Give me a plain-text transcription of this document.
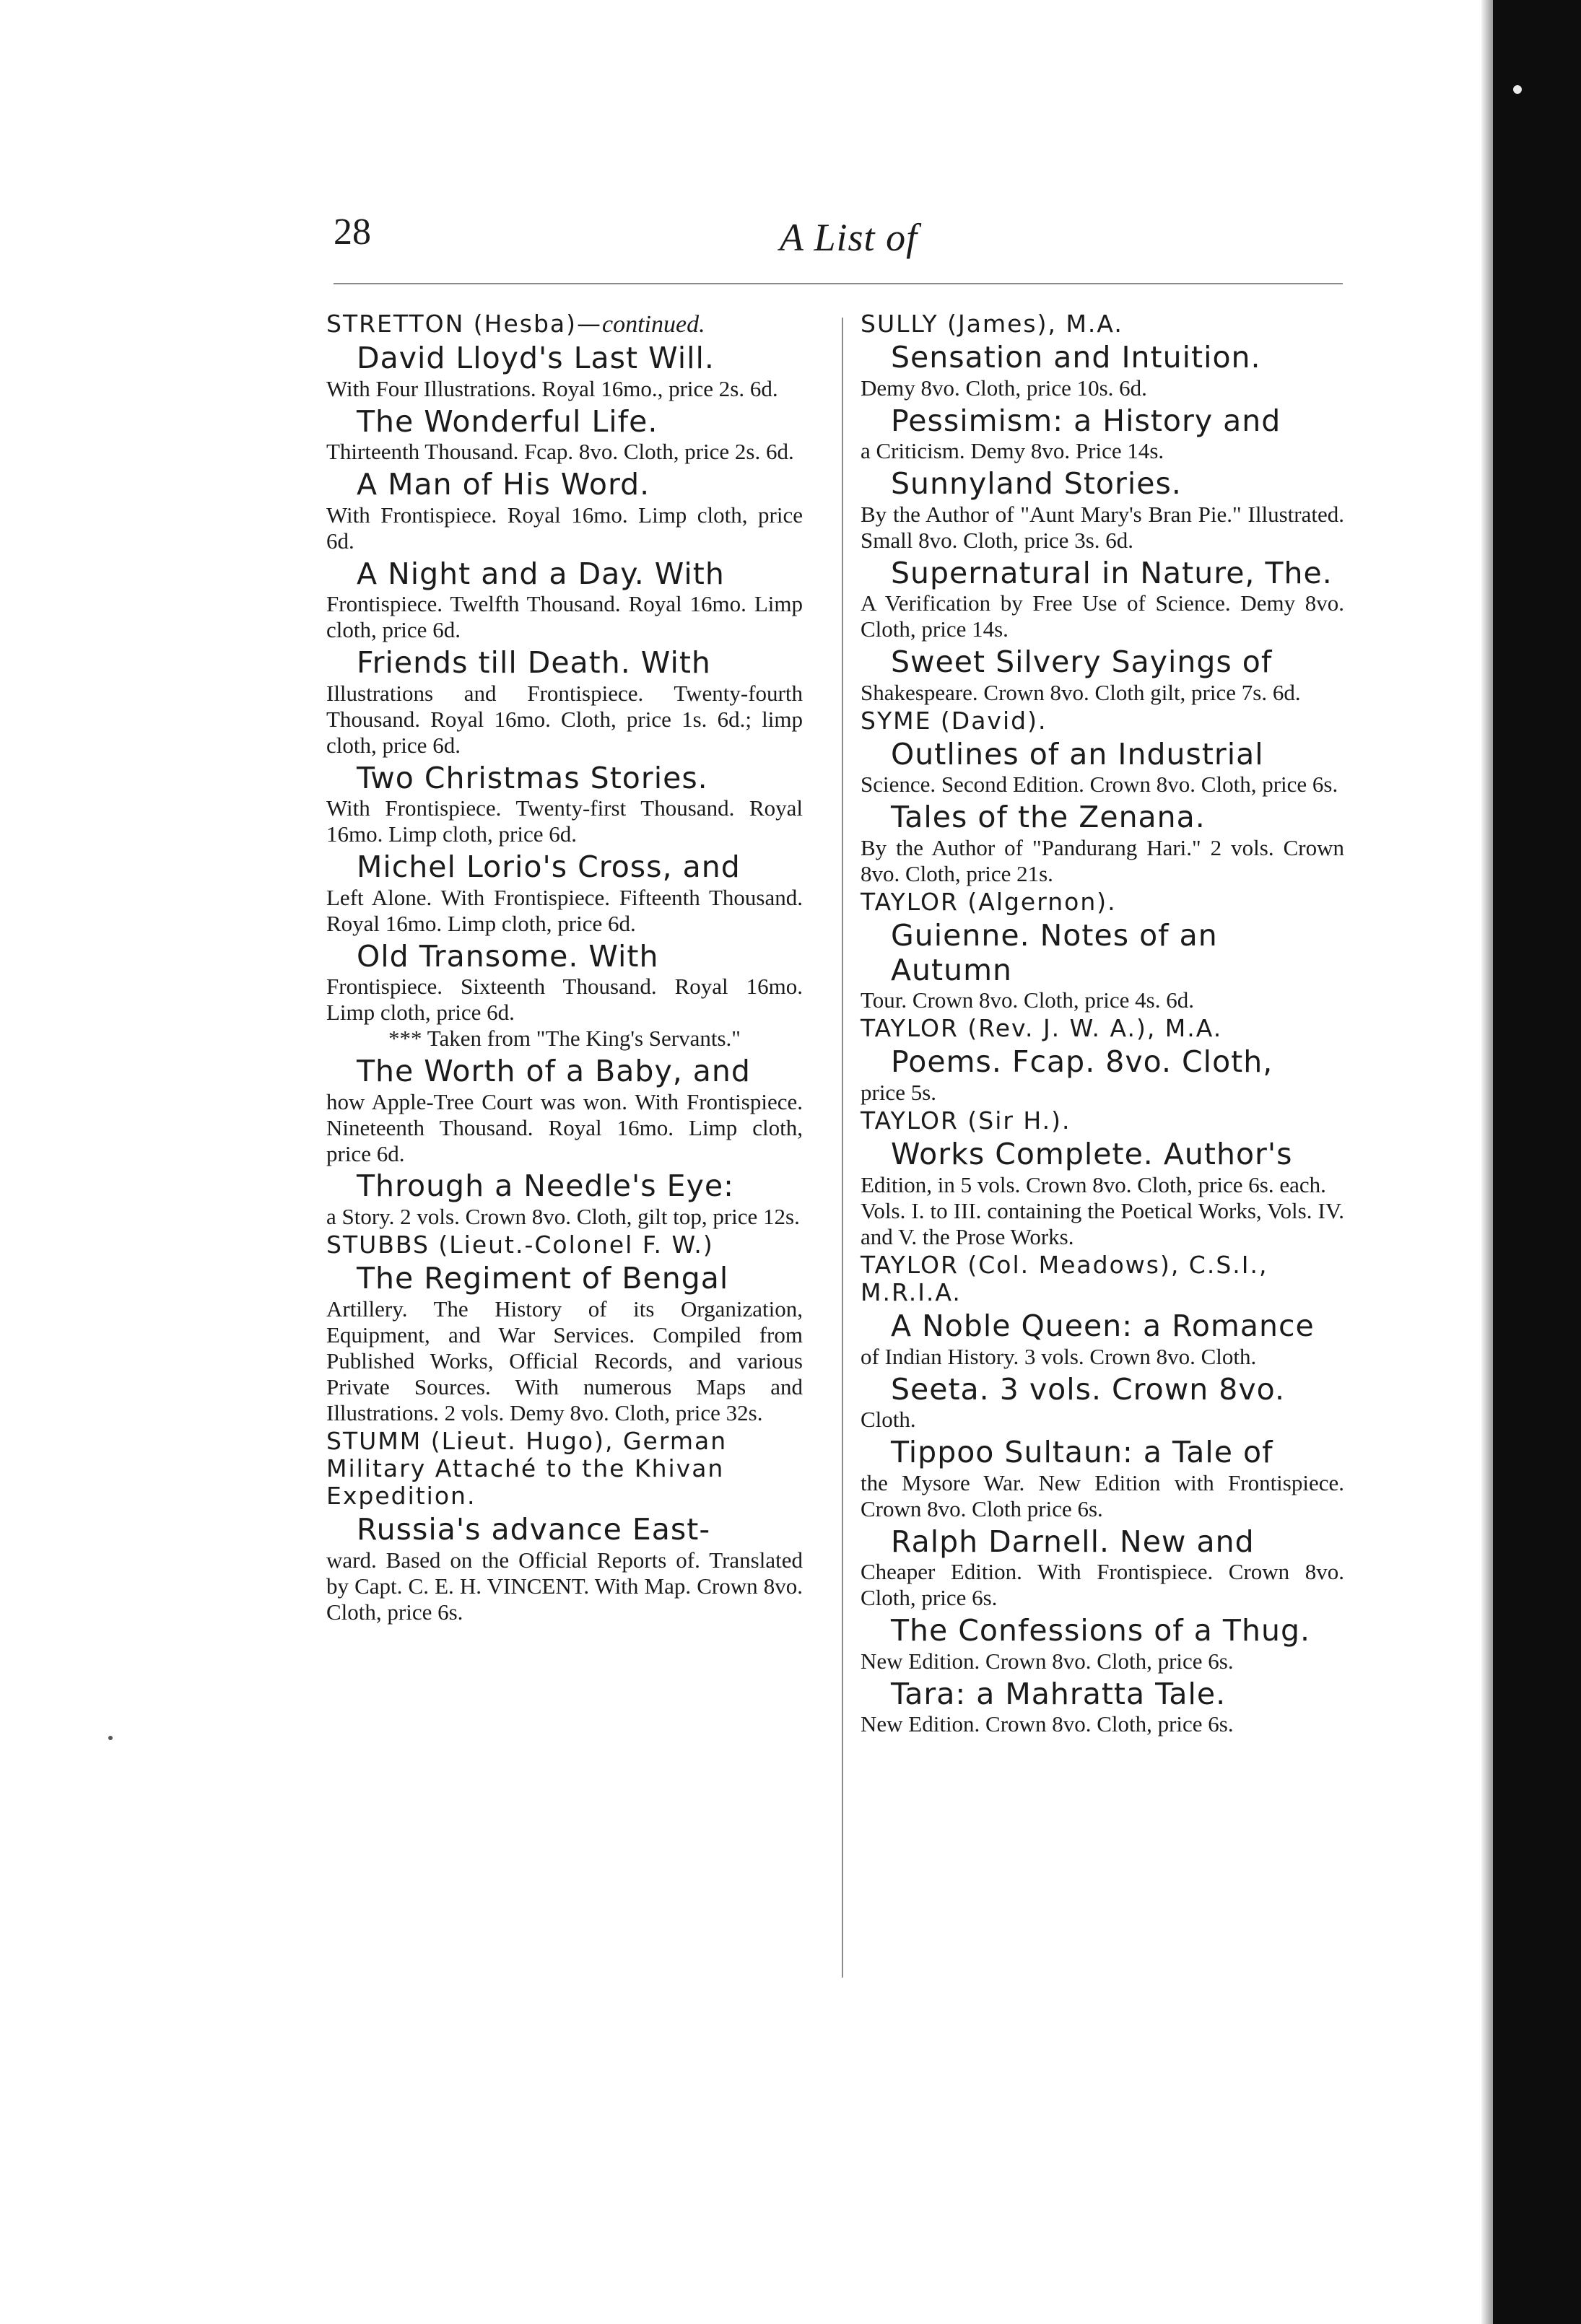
28	A List of
STRETTON (Hesba)—continued.
David Lloyd's Last Will.
With Four Illustrations. Royal 16mo., price 2s. 6d.
The Wonderful Life.
Thirteenth Thousand. Fcap. 8vo. Cloth, price 2s. 6d.
A Man of His Word.
With Frontispiece. Royal 16mo. Limp cloth, price 6d.
A Night and a Day. With
Frontispiece. Twelfth Thousand. Royal 16mo. Limp cloth, price 6d.
Friends till Death. With
Illustrations and Frontispiece. Twenty-fourth Thousand. Royal 16mo. Cloth, price 1s. 6d.; limp cloth, price 6d.
Two Christmas Stories.
With Frontispiece. Twenty-first Thousand. Royal 16mo. Limp cloth, price 6d.
Michel Lorio's Cross, and
Left Alone. With Frontispiece. Fifteenth Thousand. Royal 16mo. Limp cloth, price 6d.
Old Transome. With
Frontispiece. Sixteenth Thousand. Royal 16mo. Limp cloth, price 6d.
*** Taken from "The King's Servants."
The Worth of a Baby, and
how Apple-Tree Court was won. With Frontispiece. Nineteenth Thousand. Royal 16mo. Limp cloth, price 6d.
Through a Needle's Eye:
a Story. 2 vols. Crown 8vo. Cloth, gilt top, price 12s.
STUBBS (Lieut.-Colonel F. W.)
The Regiment of Bengal
Artillery. The History of its Organization, Equipment, and War Services. Compiled from Published Works, Official Records, and various Private Sources. With numerous Maps and Illustrations. 2 vols. Demy 8vo. Cloth, price 32s.
STUMM (Lieut. Hugo), German Military Attaché to the Khivan Expedition.
Russia's advance East-
ward. Based on the Official Reports of. Translated by Capt. C. E. H. VINCENT. With Map. Crown 8vo. Cloth, price 6s.
SULLY (James), M.A.
Sensation and Intuition.
Demy 8vo. Cloth, price 10s. 6d.
Pessimism: a History and
a Criticism. Demy 8vo. Price 14s.
Sunnyland Stories.
By the Author of "Aunt Mary's Bran Pie." Illustrated. Small 8vo. Cloth, price 3s. 6d.
Supernatural in Nature, The.
A Verification by Free Use of Science. Demy 8vo. Cloth, price 14s.
Sweet Silvery Sayings of
Shakespeare. Crown 8vo. Cloth gilt, price 7s. 6d.
SYME (David).
Outlines of an Industrial
Science. Second Edition. Crown 8vo. Cloth, price 6s.
Tales of the Zenana.
By the Author of "Pandurang Hari." 2 vols. Crown 8vo. Cloth, price 21s.
TAYLOR (Algernon).
Guienne. Notes of an Autumn
Tour. Crown 8vo. Cloth, price 4s. 6d.
TAYLOR (Rev. J. W. A.), M.A.
Poems. Fcap. 8vo. Cloth,
price 5s.
TAYLOR (Sir H.).
Works Complete. Author's
Edition, in 5 vols. Crown 8vo. Cloth, price 6s. each.
Vols. I. to III. containing the Poetical Works, Vols. IV. and V. the Prose Works.
TAYLOR (Col. Meadows), C.S.I., M.R.I.A.
A Noble Queen: a Romance
of Indian History. 3 vols. Crown 8vo. Cloth.
Seeta. 3 vols. Crown 8vo.
Cloth.
Tippoo Sultaun: a Tale of
the Mysore War. New Edition with Frontispiece. Crown 8vo. Cloth price 6s.
Ralph Darnell. New and
Cheaper Edition. With Frontispiece. Crown 8vo. Cloth, price 6s.
The Confessions of a Thug.
New Edition. Crown 8vo. Cloth, price 6s.
Tara: a Mahratta Tale.
New Edition. Crown 8vo. Cloth, price 6s.
